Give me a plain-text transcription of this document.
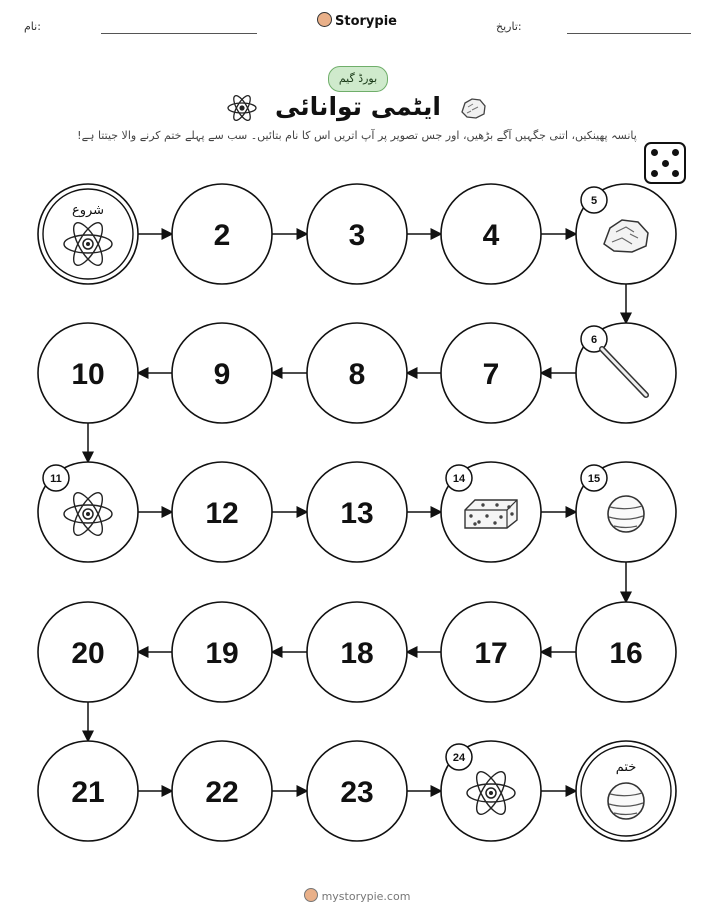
نام:	Storypie	تاریخ:
بورڈ گیم
ایٹمی توانائی
پانسہ پھینکیں، اتنی جگہیں آگے بڑھیں، اور جس تصویر پر آپ اتریں اس کا نام بتائیں۔ سب سے پہلے ختم کرنے والا جیتتا ہے!
شروع
2	3	4
5
10	9	8	7
6
11
12	13
14	15
20	19	18	17	16
21	22	23
24
ختم
mystorypie.com
